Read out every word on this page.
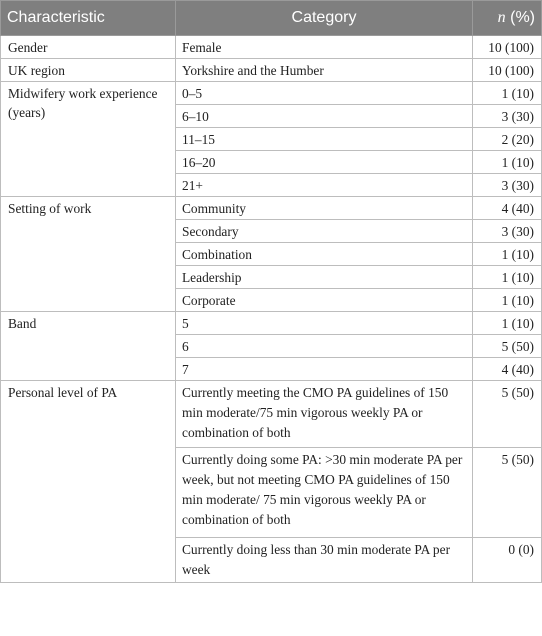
Characteristic	Category	n (%)
Gender	Female	10 (100)
UK region	Yorkshire and the Humber	10 (100)
Midwifery work experience (years)	0–5	1 (10)
	6–10	3 (30)
	11–15	2 (20)
	16–20	1 (10)
	21+	3 (30)
Setting of work	Community	4 (40)
	Secondary	3 (30)
	Combination	1 (10)
	Leadership	1 (10)
	Corporate	1 (10)
Band	5	1 (10)
	6	5 (50)
	7	4 (40)
Personal level of PA	Currently meeting the CMO PA guidelines of 150 min moderate/75 min vigorous weekly PA or combination of both	5 (50)
	Currently doing some PA: >30 min moderate PA per week, but not meeting CMO PA guidelines of 150 min moderate/ 75 min vigorous weekly PA or combination of both	5 (50)
	Currently doing less than 30 min moderate PA per week	0 (0)
